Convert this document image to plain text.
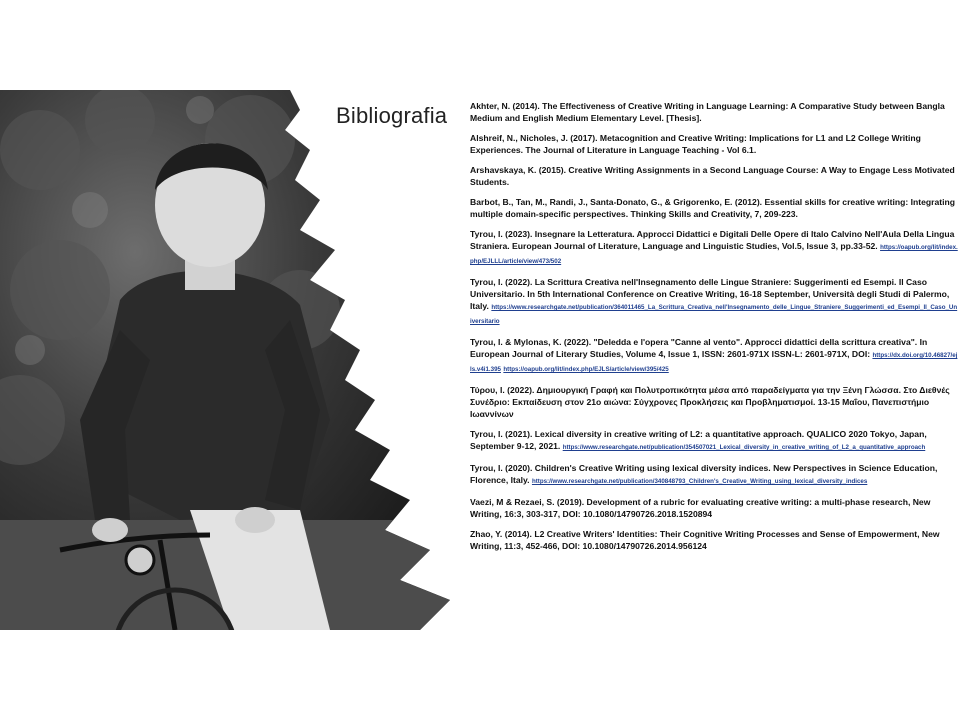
Bibliografia	Akhter, N. (2014). The Effectiveness of Creative Writing in Language Learning: A Comparative Study between Bangla Medium and English Medium Elementary Level. [Thesis].
Alshreif, N., Nicholes, J. (2017). Metacognition and Creative Writing: Implications for L1 and L2 College Writing Experiences. The Journal of Literature in Language Teaching - Vol 6.1.
Arshavskaya, K. (2015). Creative Writing Assignments in a Second Language Course: A Way to Engage Less Motivated Students.
Barbot, B., Tan, M., Randi, J., Santa-Donato, G., & Grigorenko, E. (2012). Essential skills for creative writing: Integrating multiple domain-specific perspectives. Thinking Skills and Creativity, 7, 209-223.
Tyrou, I. (2023). Insegnare la Letteratura. Approcci Didattici e Digitali Delle Opere di Italo Calvino Nell'Aula Della Lingua Straniera. European Journal of Literature, Language and Linguistic Studies, Vol.5, Issue 3, pp.33-52. https://oapub.org/lit/index.php/EJLLL/article/view/473/502
Tyrou, I. (2022). La Scrittura Creativa nell'Insegnamento delle Lingue Straniere: Suggerimenti ed Esempi. Il Caso Universitario. In 5th International Conference on Creative Writing, 16-18 September, Università degli Studi di Palermo, Italy. https://www.researchgate.net/publication/364011465_La_Scrittura_Creativa_nell'Insegnamento_delle_Lingue_Straniere_Suggerimenti_ed_Esempi_Il_Caso_Universitario
Tyrou, I. & Mylonas, K. (2022). "Deledda e l'opera "Canne al vento". Approcci didattici della scrittura creativa". In European Journal of Literary Studies, Volume 4, Issue 1, ISSN: 2601-971X ISSN-L: 2601-971X, DOI: https://dx.doi.org/10.46827/ejls.v4i1.395 https://oapub.org/lit/index.php/EJLS/article/view/395/425
Τύρου, Ι. (2022). Δημιουργική Γραφή και Πολυτροπικότητα μέσα από παραδείγματα για την Ξένη Γλώσσα. Στο Διεθνές Συνέδριο: Εκπαίδευση στον 21ο αιώνα: Σύγχρονες Προκλήσεις και Προβληματισμοί. 13-15 Μαΐου, Πανεπιστήμιο Ιωαννίνων
Tyrou, I. (2021). Lexical diversity in creative writing of L2: a quantitative approach. QUALICO 2020 Tokyo, Japan, September 9-12, 2021. https://www.researchgate.net/publication/354507021_Lexical_diversity_in_creative_writing_of_L2_a_quantitative_approach
Tyrou, I. (2020). Children's Creative Writing using lexical diversity indices. New Perspectives in Science Education, Florence, Italy. https://www.researchgate.net/publication/340848793_Children's_Creative_Writing_using_lexical_diversity_indices
Vaezi, M & Rezaei, S. (2019). Development of a rubric for evaluating creative writing: a multi-phase research, New Writing, 16:3, 303-317, DOI: 10.1080/14790726.2018.1520894
Zhao, Y. (2014). L2 Creative Writers' Identities: Their Cognitive Writing Processes and Sense of Empowerment, New Writing, 11:3, 452-466, DOI: 10.1080/14790726.2014.956124
